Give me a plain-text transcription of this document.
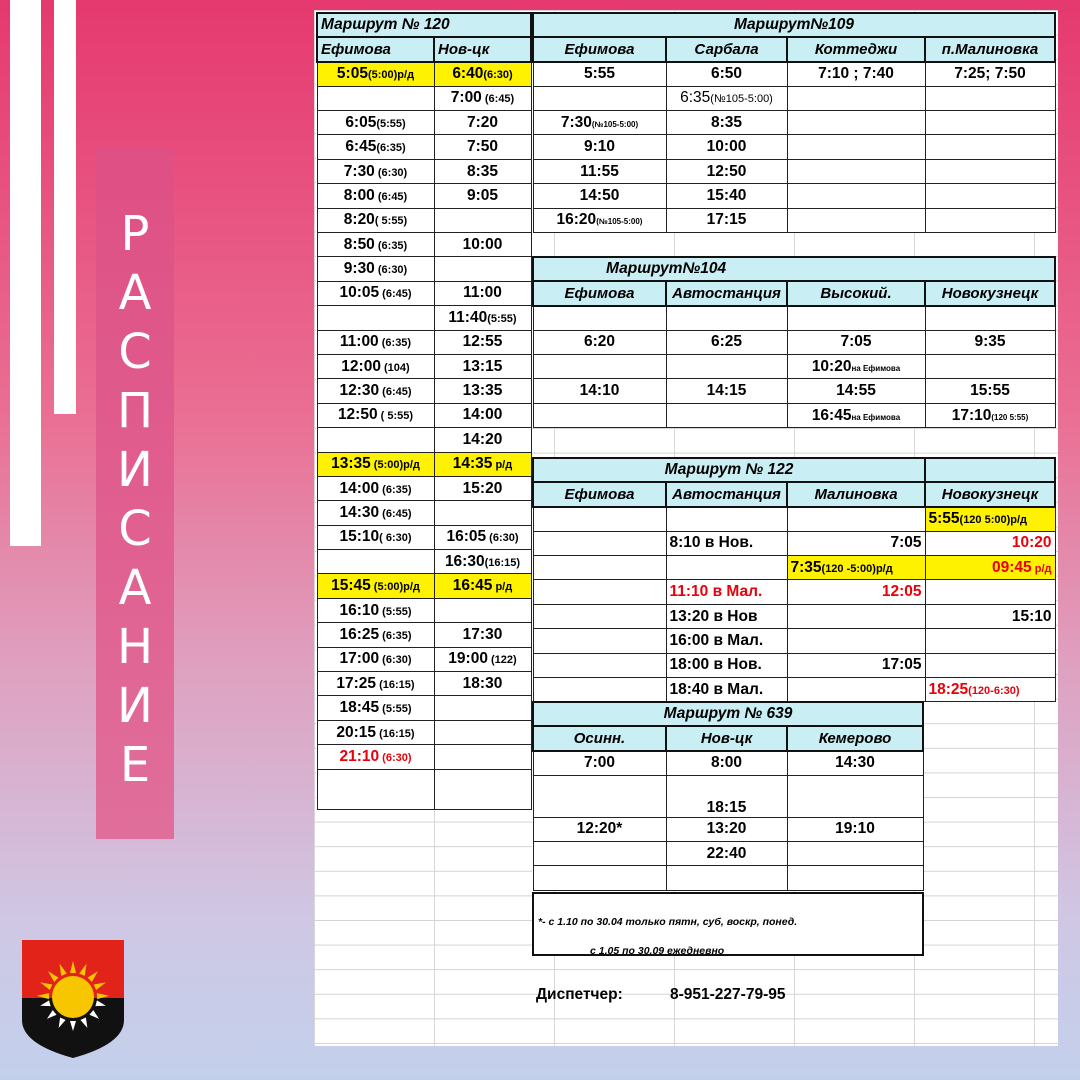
Р
А
С
П
И
С
А
Н
И
Е
Маршрут № 120	
Ефимова	Нов-цк
5:05(5:00)р/д	6:40(6:30)
	7:00 (6:45)
6:05(5:55)	7:20
6:45(6:35)	7:50
7:30 (6:30)	8:35
8:00 (6:45)	9:05
8:20( 5:55)	
8:50 (6:35)	10:00
9:30 (6:30)	
10:05 (6:45)	11:00
	11:40(5:55)
11:00 (6:35)	12:55
12:00 (104)	13:15
12:30 (6:45)	13:35
12:50 ( 5:55)	14:00
	14:20
13:35 (5:00)р/д	14:35 р/д
14:00 (6:35)	15:20
14:30 (6:45)	
15:10( 6:30)	16:05 (6:30)
	16:30(16:15)
15:45 (5:00)р/д	16:45 р/д
16:10 (5:55)	
16:25 (6:35)	17:30
17:00 (6:30)	19:00 (122)
17:25 (16:15)	18:30
18:45 (5:55)	
20:15 (16:15)	
21:10 (6:30)	

Маршрут№109			
Ефимова	Сарбала	Коттеджи	п.Малиновка
5:55	6:50	7:10 ; 7:40	7:25; 7:50
	6:35(№105-5:00)		
7:30(№105-5:00)	8:35		
9:10	10:00		
11:55	12:50		
14:50	15:40		
16:20(№105-5:00)	17:15		
Маршрут№104			
Ефимова	Автостанция	Высокий.	Новокузнецк

6:20	6:25	7:05	9:35
		10:20на Ефимова	
14:10	14:15	14:55	15:55
		16:45на Ефимова	17:10(120 5:55)
Маршрут № 122			
Ефимова	Автостанция	Малиновка	Новокузнецк
			5:55(120 5:00)р/д
	8:10 в Нов.	7:05	10:20
		7:35(120 -5:00)р/д	09:45 р/д
	11:10 в Мал.	12:05	
	13:20 в Нов		15:10
	16:00 в Мал.		
	18:00 в Нов.	17:05	
	18:40 в Мал.		18:25(120-6:30)
Маршрут № 639		
Осинн.	Нов-цк	Кемерово
7:00	8:00	14:30
	18:15	
12:20*	13:20	19:10
	22:40	

*- с 1.10 по 30.04 только пятн, суб, воскр, понед.
с 1.05 по 30.09 ежедневно
Диспетчер:	8-951-227-79-95
